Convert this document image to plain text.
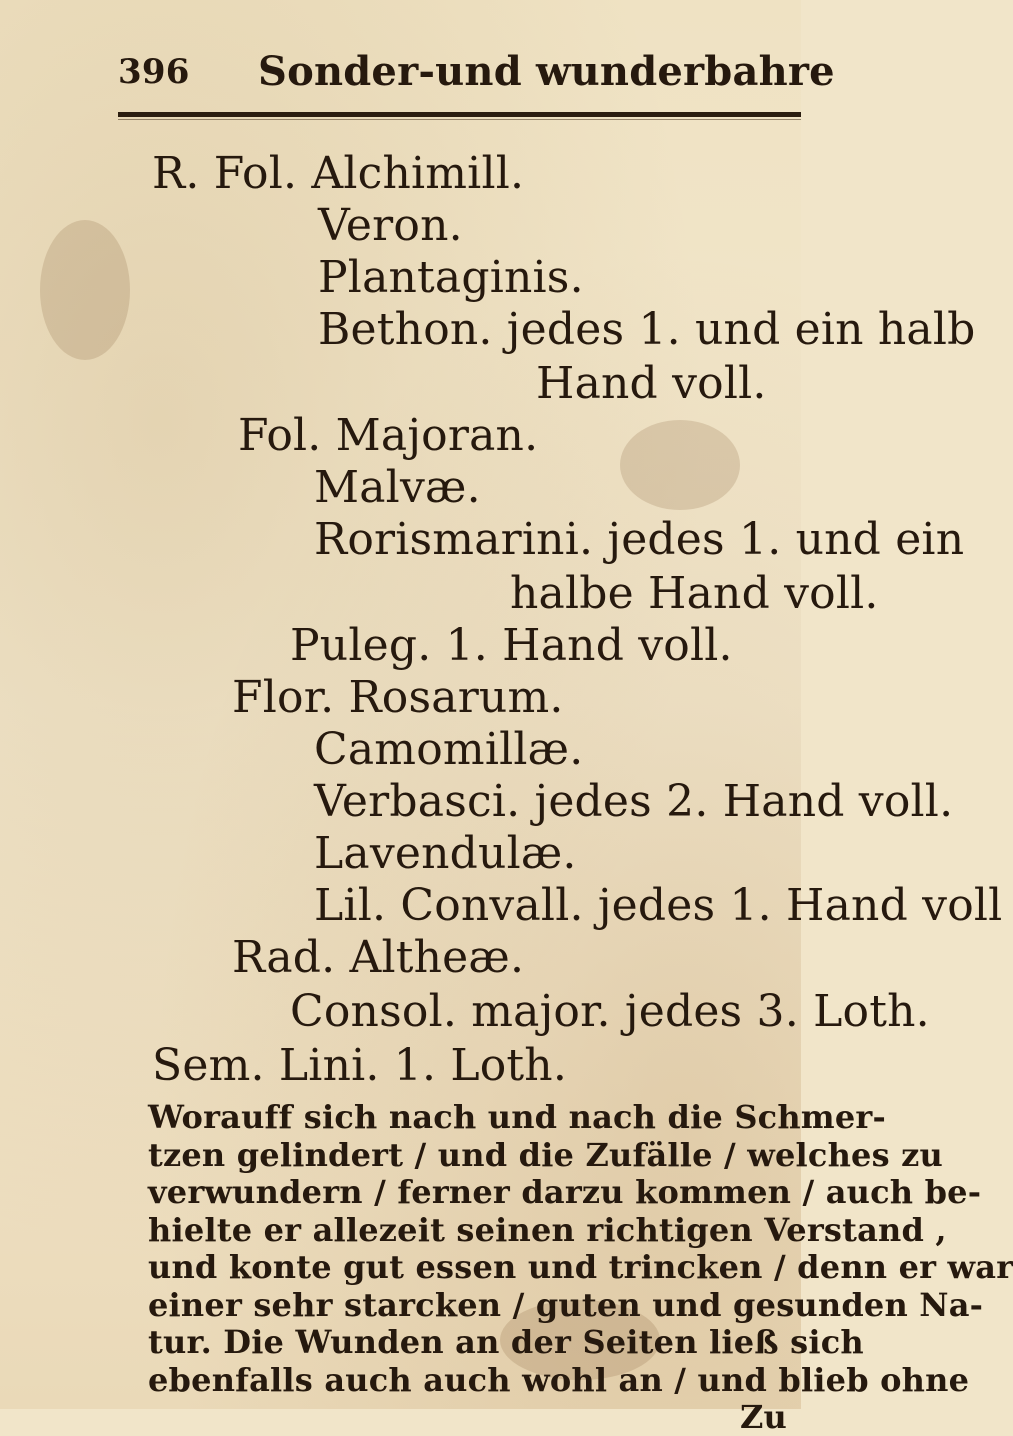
396 Sonder-und wunderbahre
R. Fol. Alchimill.
Veron.
Plantaginis.
Bethon. jedes 1. und ein halb
Hand voll.
Fol. Majoran.
Malvæ.
Rorismarini. jedes 1. und ein
halbe Hand voll.
Puleg. 1. Hand voll.
Flor. Rosarum.
Camomillæ.
Verbasci. jedes 2. Hand voll.
Lavendulæ.
Lil. Convall. jedes 1. Hand voll
Rad. Altheæ.
Consol. major. jedes 3. Loth.
Sem. Lini. 1. Loth.
Worauff sich nach und nach die Schmer-
tzen gelindert / und die Zufälle / welches zu
verwundern / ferner darzu kommen / auch be-
hielte er allezeit seinen richtigen Verstand ,
und konte gut essen und trincken / denn er war
einer sehr starcken / guten und gesunden Na-
tur. Die Wunden an der Seiten ließ sich
ebenfalls auch auch wohl an / und blieb ohne
Zu
